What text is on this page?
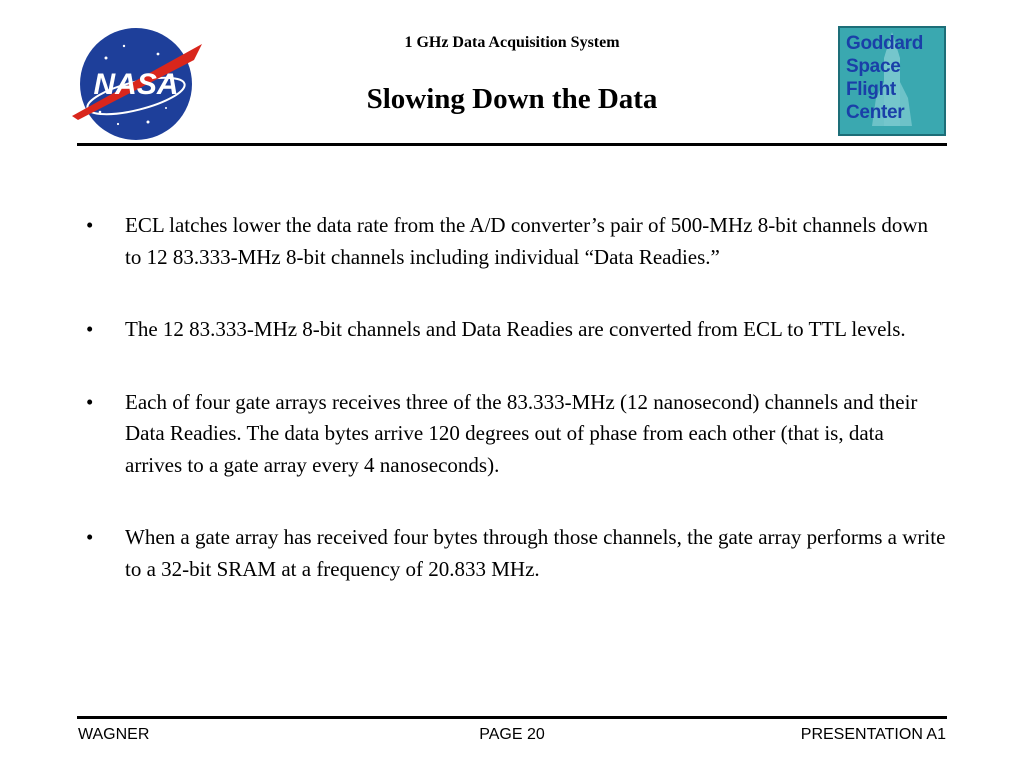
NASA
1 GHz Data Acquisition System
Slowing Down the Data

Goddard
Space
Flight
Center

• ECL latches lower the data rate from the A/D converter’s pair of 500-MHz 8-bit channels down to 12 83.333-MHz 8-bit channels including individual “Data Readies.”
• The 12 83.333-MHz 8-bit channels and Data Readies are converted from ECL to TTL levels.
• Each of four gate arrays receives three of the 83.333-MHz (12 nanosecond) channels and their Data Readies. The data bytes arrive 120 degrees out of phase from each other (that is, data arrives to a gate array every 4 nanoseconds).
• When a gate array has received four bytes through those channels, the gate array performs a write to a 32-bit SRAM at a frequency of 20.833 MHz.

WAGNER	PAGE 20	PRESENTATION A1
